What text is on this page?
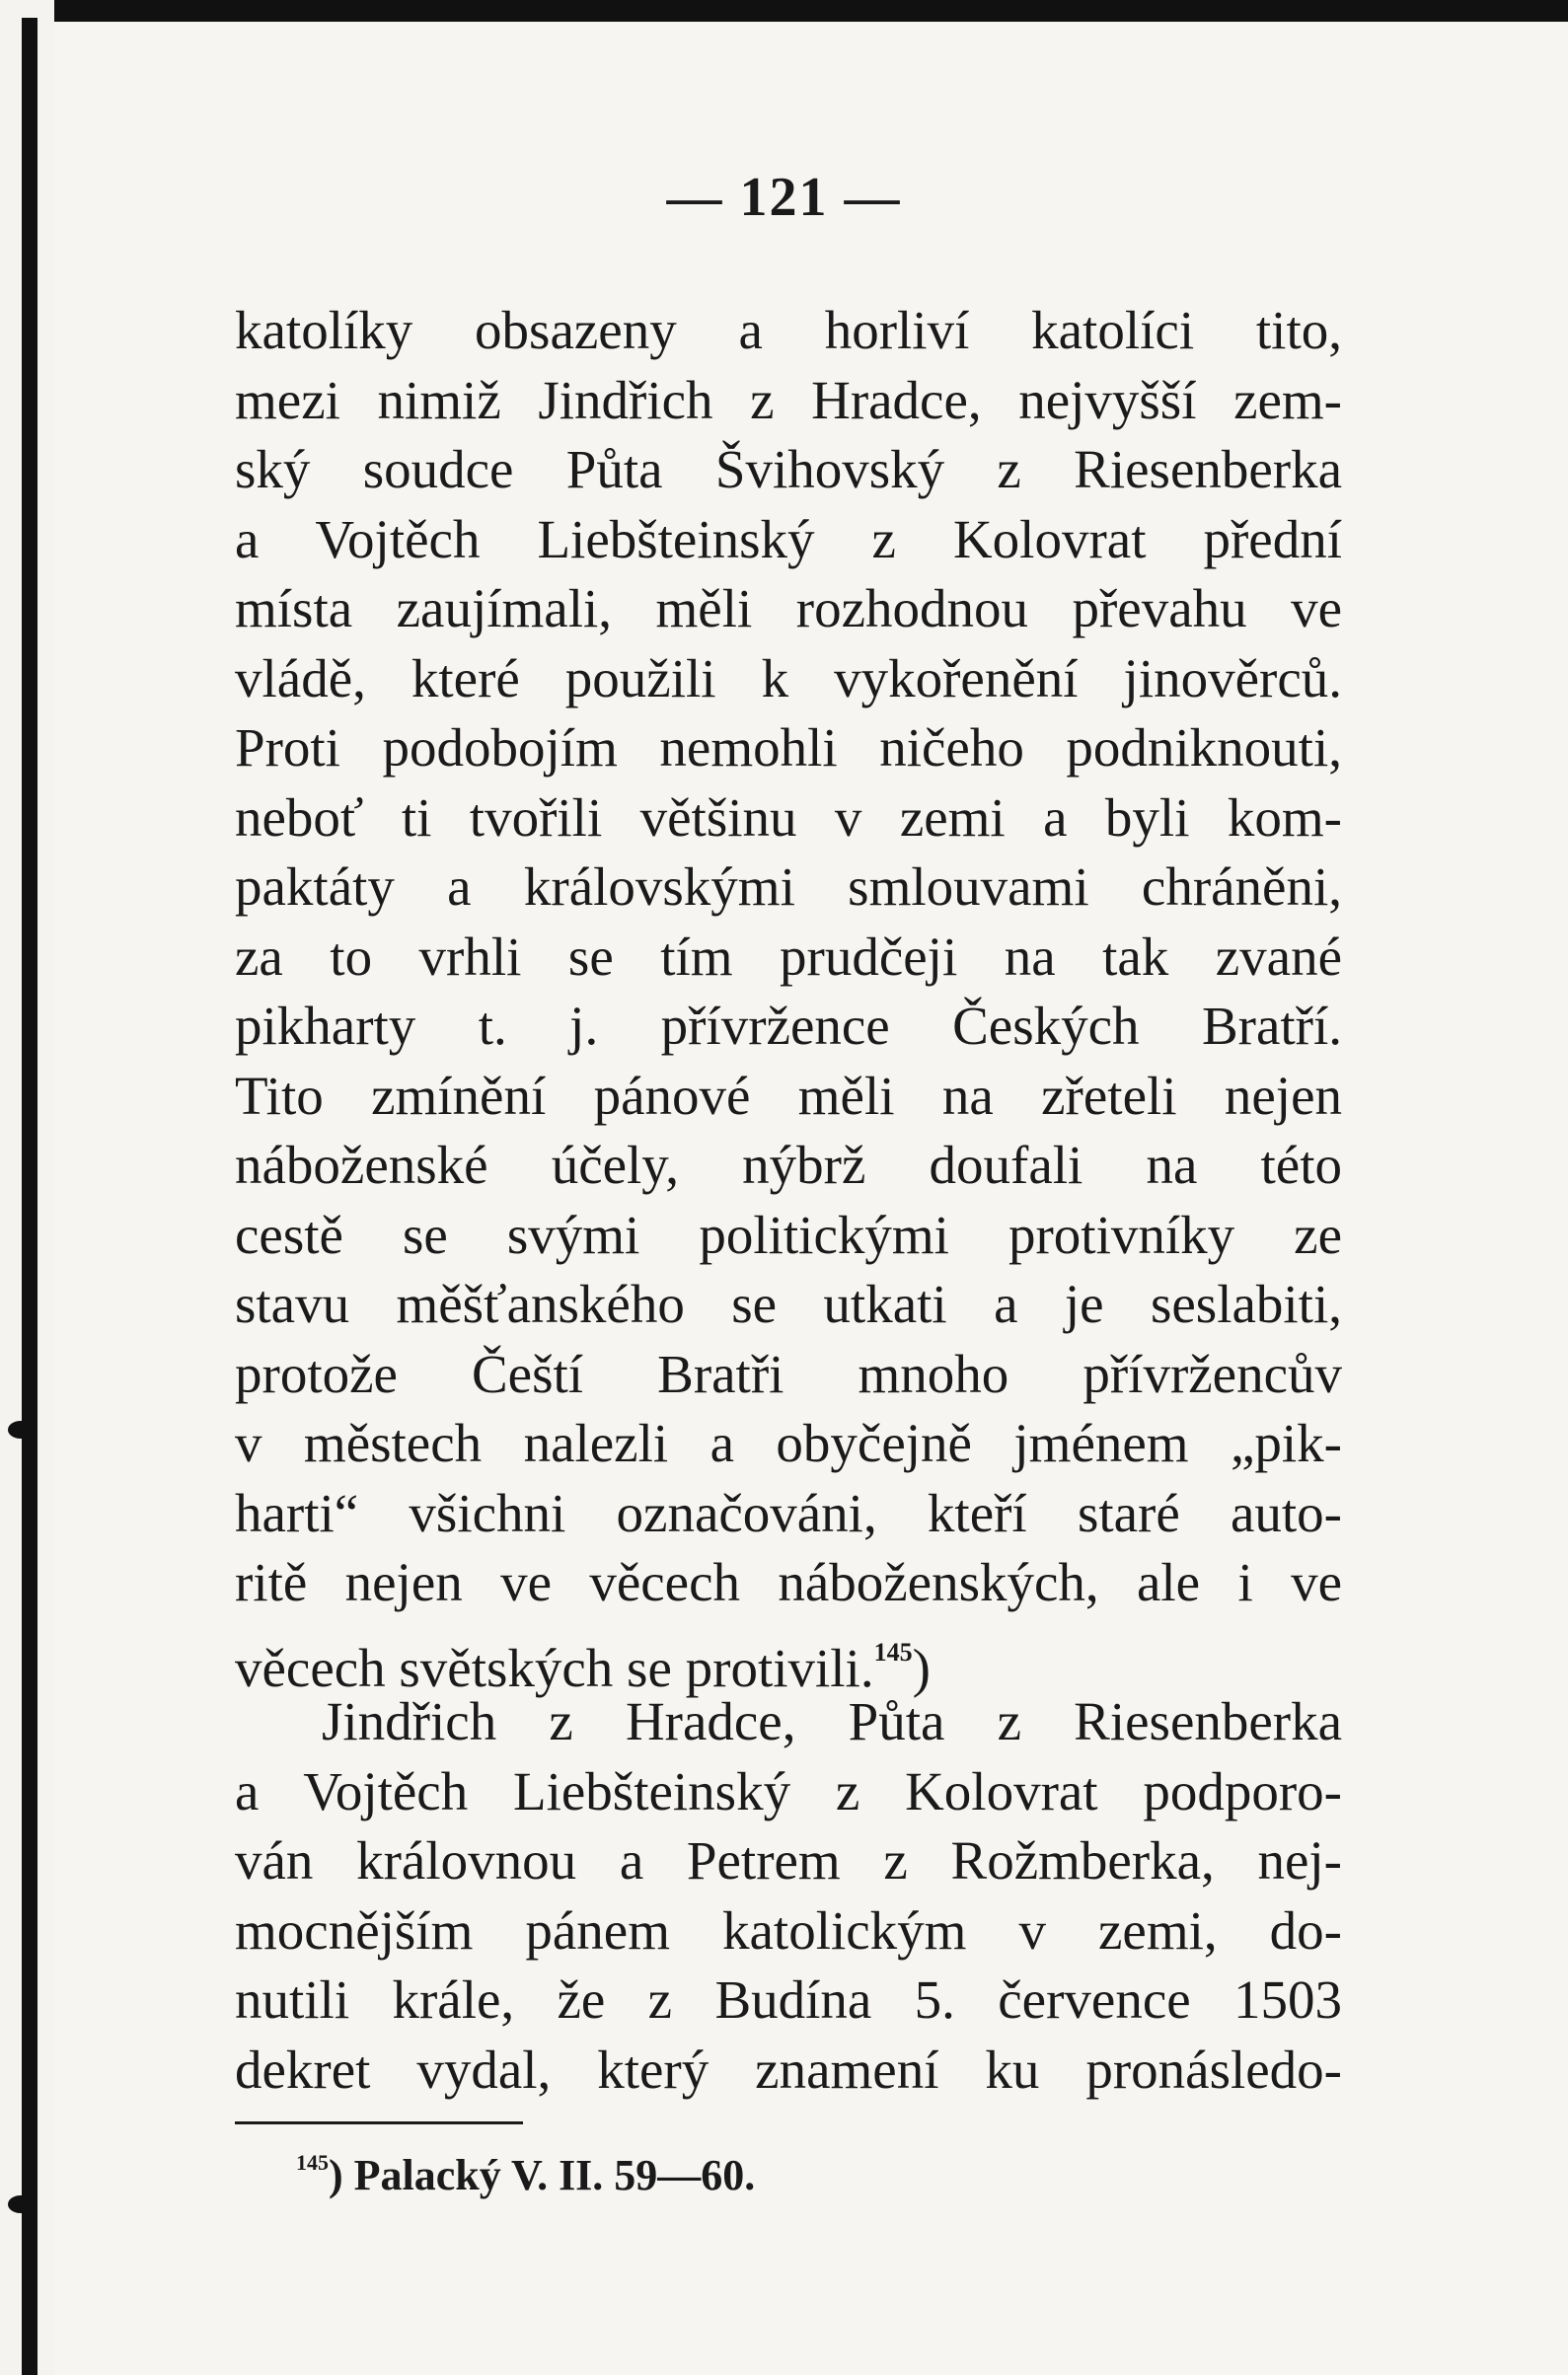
— 121 —
katolíky obsazeny a horliví katolíci tito,
mezi nimiž Jindřich z Hradce, nejvyšší zem-
ský soudce Půta Švihovský z Riesenberka
a Vojtěch Liebšteinský z Kolovrat přední
místa zaujímali, měli rozhodnou převahu ve
vládě, které použili k vykořenění jinověrců.
Proti podobojím nemohli ničeho podniknouti,
neboť ti tvořili většinu v zemi a byli kom-
paktáty a královskými smlouvami chráněni,
za to vrhli se tím prudčeji na tak zvané
pikharty t. j. přívržence Českých Bratří.
Tito zmínění pánové měli na zřeteli nejen
náboženské účely, nýbrž doufali na této
cestě se svými politickými protivníky ze
stavu měšťanského se utkati a je seslabiti,
protože Čeští Bratři mnoho přívržencův
v městech nalezli a obyčejně jménem „pik-
harti“ všichni označováni, kteří staré auto-
ritě nejen ve věcech náboženských, ale i ve
věcech světských se protivili.$^{145}$)
Jindřich z Hradce, Půta z Riesenberka
a Vojtěch Liebšteinský z Kolovrat podporo-
ván královnou a Petrem z Rožmberka, nej-
mocnějším pánem katolickým v zemi, do-
nutili krále, že z Budína 5. července 1503
dekret vydal, který znamení ku pronásledo-
$^{145}$) Palacký V. II. 59—60.
